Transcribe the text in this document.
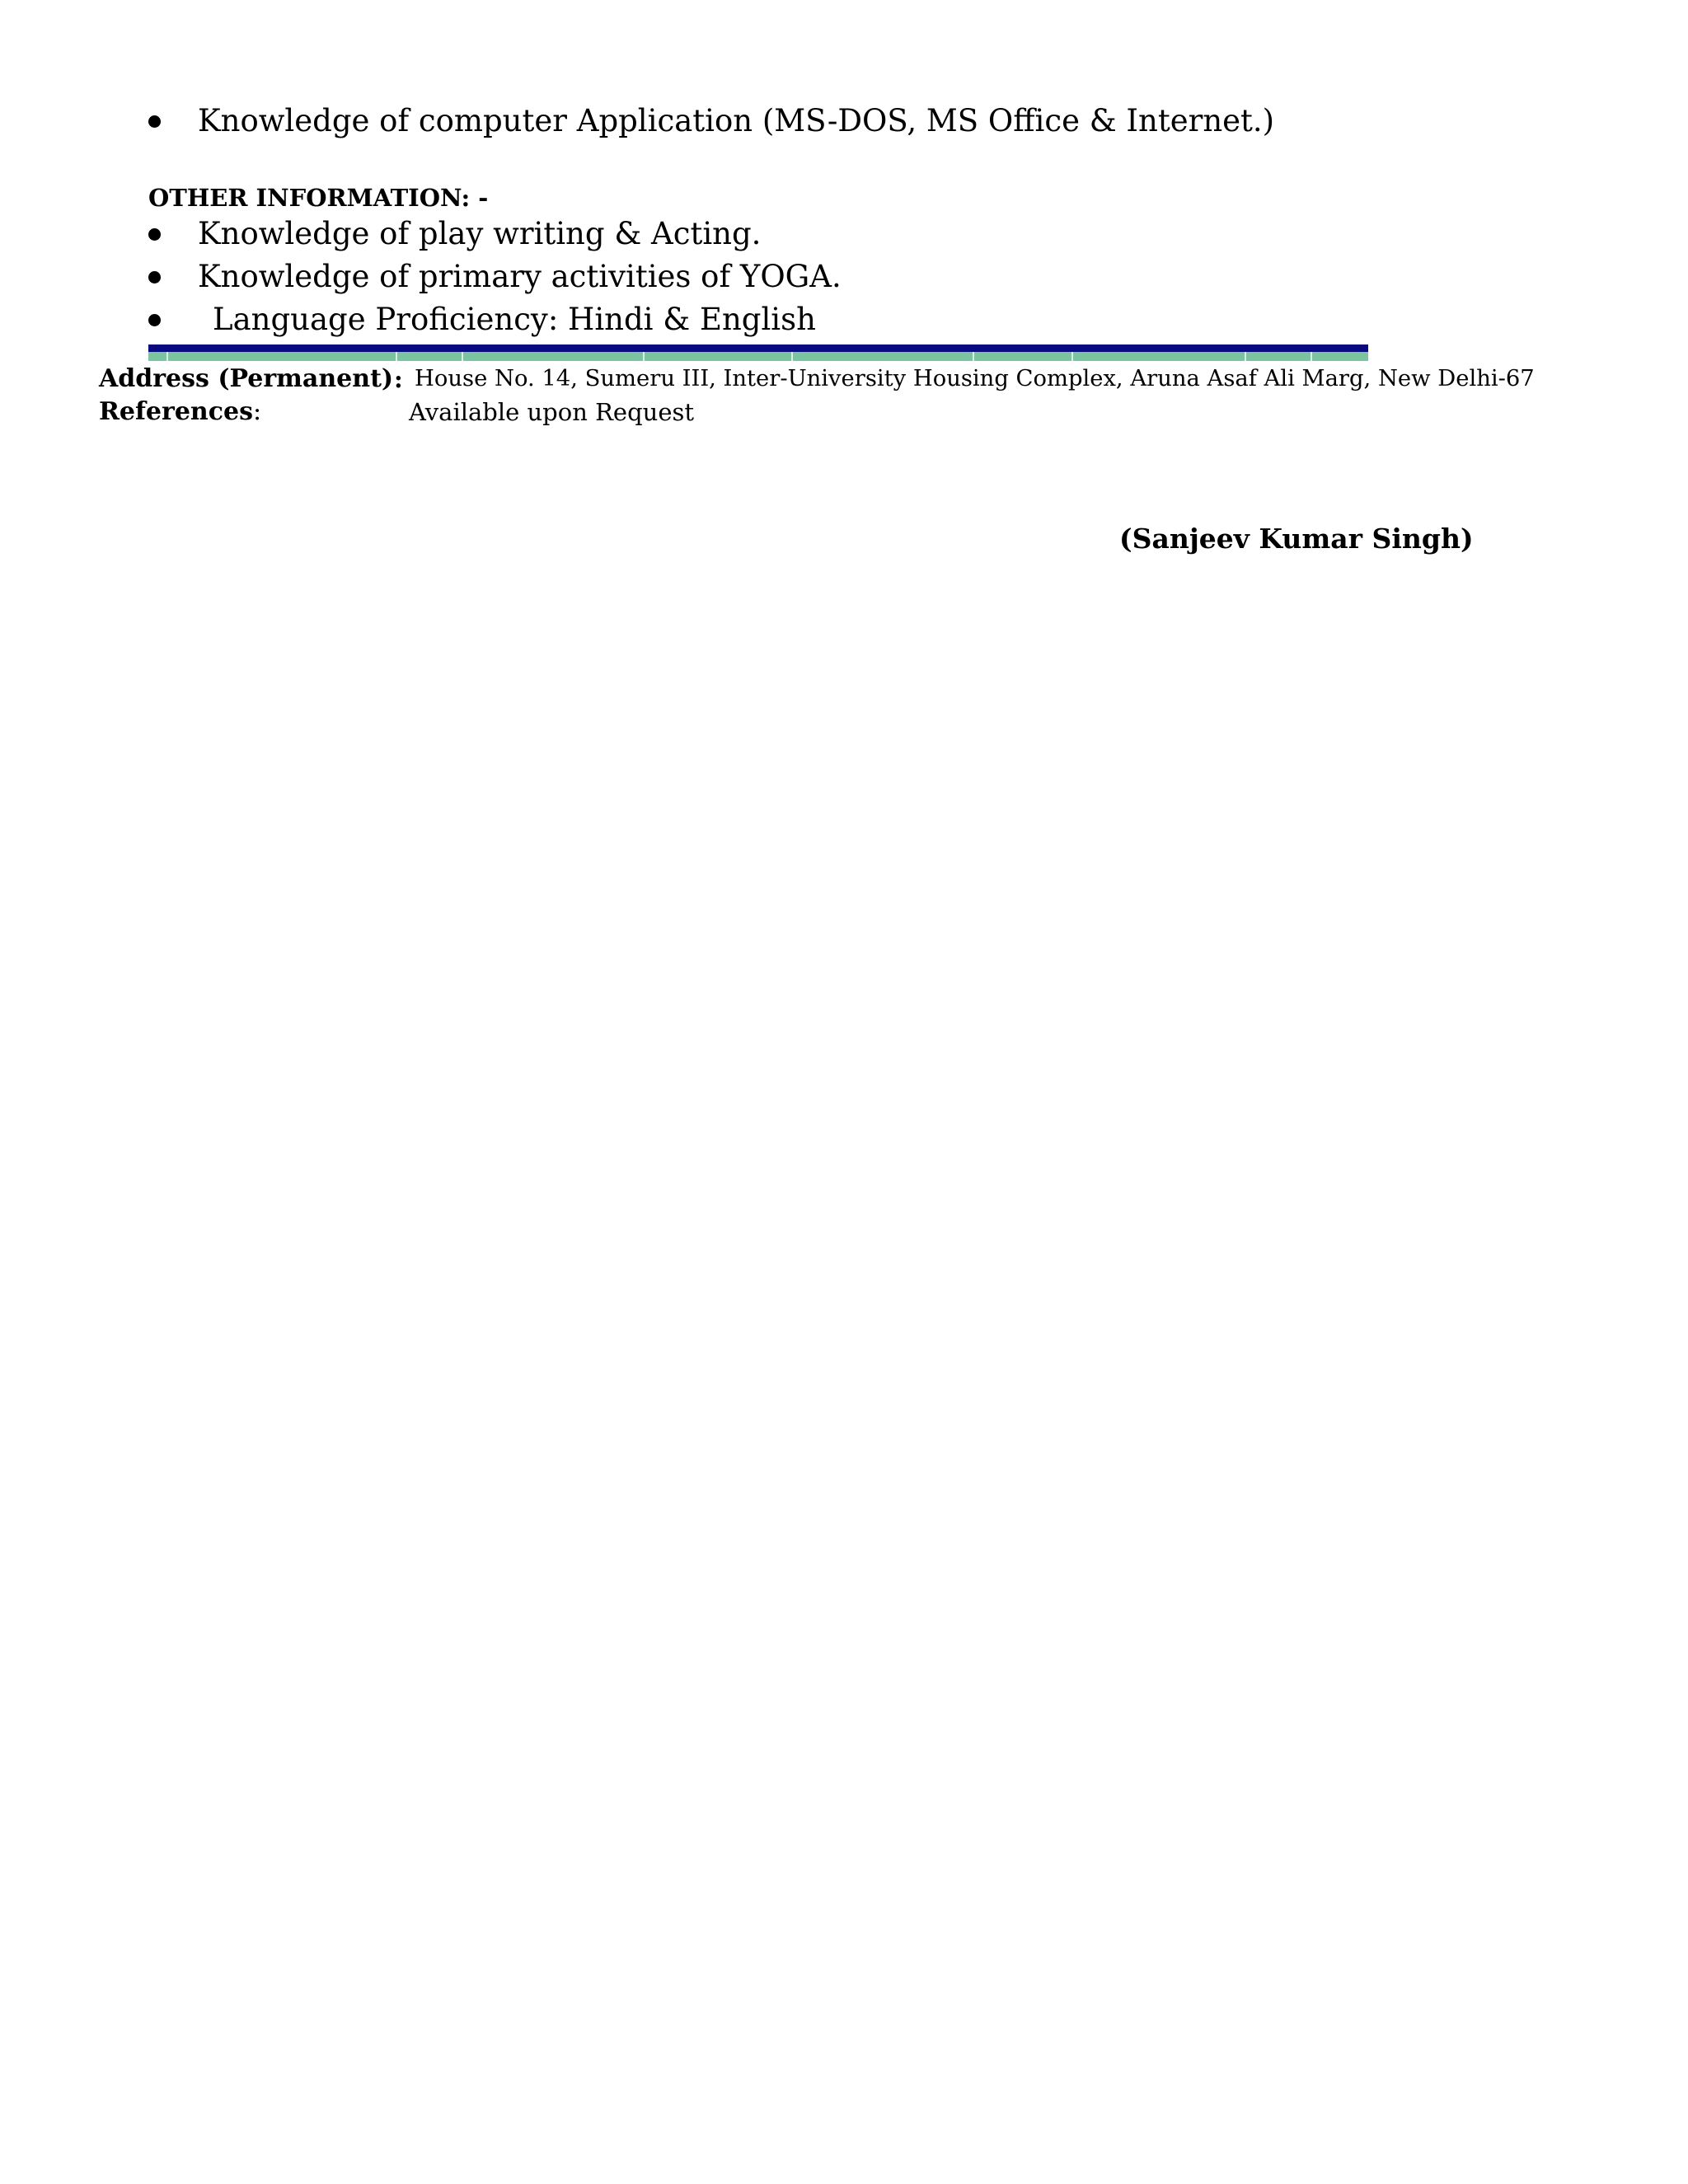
Knowledge of computer Application (MS-DOS, MS Office & Internet.)
OTHER INFORMATION: -
Knowledge of play writing & Acting.
Knowledge of primary activities of YOGA.
Language Proficiency: Hindi & English
Address (Permanent) : House No. 14, Sumeru III, Inter-University Housing Complex, Aruna Asaf Ali Marg, New Delhi-67
References:	Available upon Request
(Sanjeev Kumar Singh)
